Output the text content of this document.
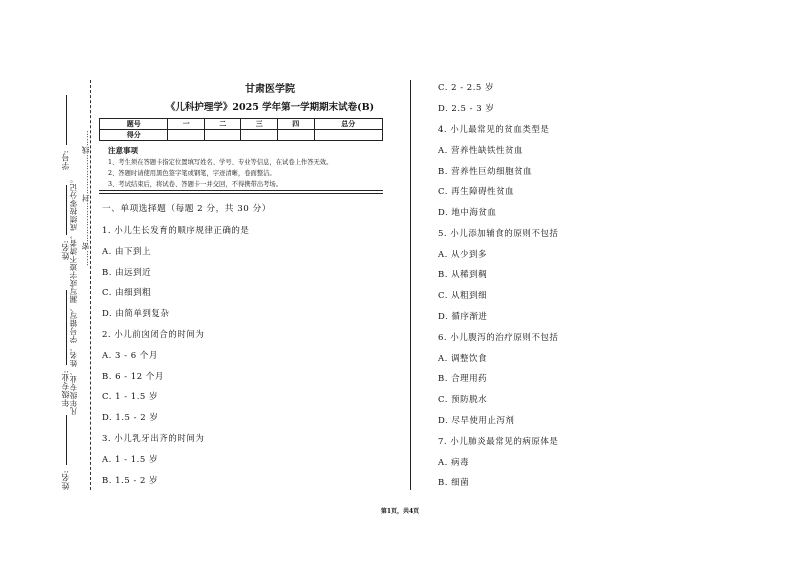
学号:
姓名:
年级专业:
姓名:
凡年级专业、姓名、学号错写、漏写或字迹不清者，成绩按零分记。 ……密……………封……………线……
甘肃医学院
《儿科护理学》2025 学年第一学期期末试卷(B)
题号	一	二	三	四	总分
得分					
注意事项
1、考生须在答题卡指定位置填写姓名、学号、专业等信息，在试卷上作答无效。
2、答题时请使用黑色签字笔或钢笔，字迹清晰，卷面整洁。
3、考试结束后，将试卷、答题卡一并交回，不得携带出考场。
一、单项选择题（每题 2 分，共 30 分）
1. 小儿生长发育的顺序规律正确的是
A. 由下到上
B. 由远到近
C. 由细到粗
D. 由简单到复杂
2. 小儿前囟闭合的时间为
A. 3 - 6 个月
B. 6 - 12 个月
C. 1 - 1.5 岁
D. 1.5 - 2 岁
3. 小儿乳牙出齐的时间为
A. 1 - 1.5 岁
B. 1.5 - 2 岁
C. 2 - 2.5 岁
D. 2.5 - 3 岁
4. 小儿最常见的贫血类型是
A. 营养性缺铁性贫血
B. 营养性巨幼细胞贫血
C. 再生障碍性贫血
D. 地中海贫血
5. 小儿添加辅食的原则不包括
A. 从少到多
B. 从稀到稠
C. 从粗到细
D. 循序渐进
6. 小儿腹泻的治疗原则不包括
A. 调整饮食
B. 合理用药
C. 预防脱水
D. 尽早使用止泻剂
7. 小儿肺炎最常见的病原体是
A. 病毒
B. 细菌
第1页，共4页
